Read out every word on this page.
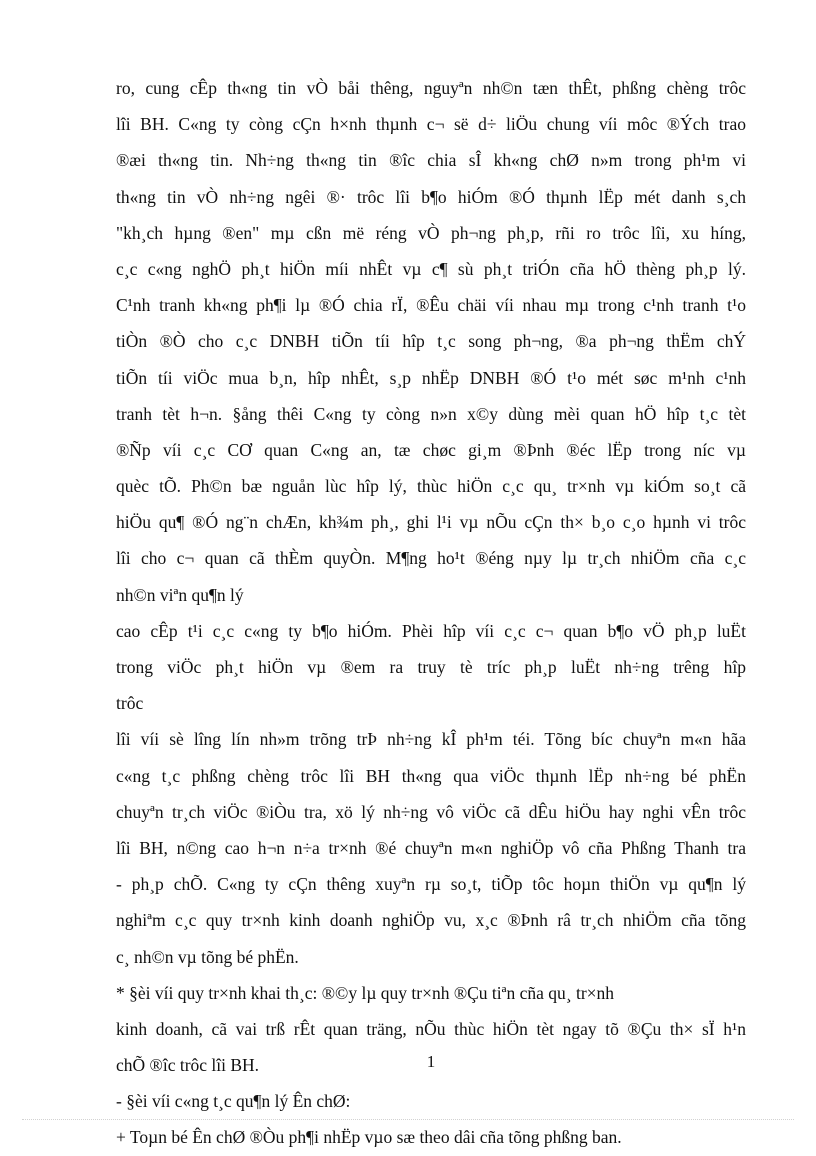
ro, cung cÊp th«ng tin vÒ båi thêng, nguyªn nh©n tæn thÊt, phßng chèng trôc
lîi BH. C«ng ty còng cÇn h×nh thµnh c¬ së d÷ liÖu chung víi môc ®Ých trao
®æi th«ng tin. Nh÷ng th«ng tin ®îc chia sÎ kh«ng chØ n»m trong ph¹m vi
th«ng tin vÒ nh÷ng ngêi ®· trôc lîi b¶o hiÓm ®Ó thµnh lËp mét danh s¸ch
"kh¸ch hµng ®en" mµ cßn më réng vÒ ph¬ng ph¸p, rñi ro trôc lîi, xu híng,
c¸c c«ng nghÖ ph¸t hiÖn míi nhÊt vµ c¶ sù ph¸t triÓn cña hÖ thèng ph¸p lý.
C¹nh tranh kh«ng ph¶i lµ ®Ó chia rÏ, ®Êu chäi víi nhau mµ trong c¹nh tranh t¹o
tiÒn ®Ò cho c¸c DNBH tiÕn tíi hîp t¸c song ph¬ng, ®a ph¬ng thËm chÝ
tiÕn tíi viÖc mua b¸n, hîp nhÊt, s¸p nhËp DNBH ®Ó t¹o mét søc m¹nh c¹nh
tranh tèt h¬n. §ång thêi C«ng ty còng n»n x©y dùng mèi quan hÖ hîp t¸c tèt
®Ñp víi c¸c CƠ quan C«ng an, tæ chøc gi¸m ®Þnh ®éc lËp trong níc vµ
quèc tÕ. Ph©n bæ nguån lùc hîp lý, thùc hiÖn c¸c qu¸ tr×nh vµ kiÓm so¸t cã
hiÖu qu¶ ®Ó ng¨n chÆn, kh¾m ph¸, ghi l¹i vµ nÕu cÇn th× b¸o c¸o hµnh vi trôc
lîi cho c¬ quan cã thÈm quyÒn. M¶ng ho¹t ®éng nµy lµ tr¸ch nhiÖm cña c¸c
nh©n viªn qu¶n lý
cao cÊp t¹i c¸c c«ng ty b¶o hiÓm. Phèi hîp víi c¸c c¬ quan b¶o vÖ ph¸p luËt
trong viÖc ph¸t hiÖn vµ ®em ra truy tè tríc ph¸p luËt nh÷ng trêng hîp
trôc
lîi víi sè lîng lín nh»m trõng trÞ nh÷ng kÎ ph¹m téi. Tõng bíc chuyªn m«n hãa
c«ng t¸c phßng chèng trôc lîi BH th«ng qua viÖc thµnh lËp nh÷ng bé phËn
chuyªn tr¸ch viÖc ®iÒu tra, xö lý nh÷ng vô viÖc cã dÊu hiÖu hay nghi vÊn trôc
lîi BH, n©ng cao h¬n n÷a tr×nh ®é chuyªn m«n nghiÖp vô cña Phßng Thanh tra
- ph¸p chÕ. C«ng ty cÇn thêng xuyªn rµ so¸t, tiÕp tôc hoµn thiÖn vµ qu¶n lý
nghiªm c¸c quy tr×nh kinh doanh nghiÖp vu, x¸c ®Þnh râ tr¸ch nhiÖm cña tõng
c¸ nh©n vµ tõng bé phËn.
* §èi víi quy tr×nh khai th¸c: ®©y lµ quy tr×nh ®Çu tiªn cña qu¸ tr×nh
kinh doanh, cã vai trß rÊt quan träng, nÕu thùc hiÖn tèt ngay tõ ®Çu th× sÏ h¹n
chÕ ®îc trôc lîi BH.
- §èi víi c«ng t¸c qu¶n lý Ên chØ:
+ Toµn bé Ên chØ ®Òu ph¶i nhËp vµo sæ theo dâi cña tõng phßng ban.
1
